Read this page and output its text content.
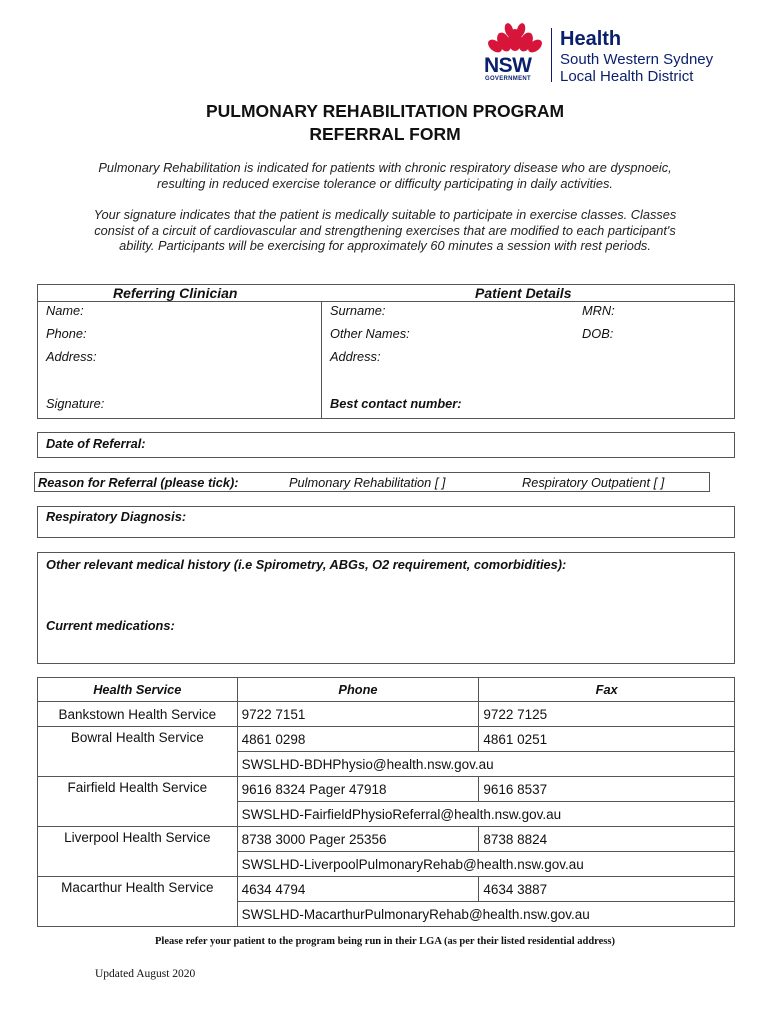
NSW
GOVERNMENT
Health
South Western Sydney
Local Health District
PULMONARY REHABILITATION PROGRAM
REFERRAL FORM
Pulmonary Rehabilitation is indicated for patients with chronic respiratory disease who are dyspnoeic, resulting in reduced exercise tolerance or difficulty participating in daily activities.
Your signature indicates that the patient is medically suitable to participate in exercise classes. Classes consist of a circuit of cardiovascular and strengthening exercises that are modified to each participant's ability. Participants will be exercising for approximately 60 minutes a session with rest periods.
Referring Clinician	Patient Details
Name:
Phone:
Address:
Signature:
Surname:	MRN:
Other Names:	DOB:
Address:
Best contact number:
Date of Referral:
Reason for Referral (please tick):	Pulmonary Rehabilitation [ ]	Respiratory Outpatient [ ]
Respiratory Diagnosis:
Other relevant medical history (i.e Spirometry, ABGs, O2 requirement, comorbidities):
Current medications:
Health Service	Phone	Fax
Bankstown Health Service	9722 7151	9722 7125
Bowral Health Service	4861 0298	4861 0251
	SWSLHD-BDHPhysio@health.nsw.gov.au	
Fairfield Health Service	9616 8324 Pager 47918	9616 8537
	SWSLHD-FairfieldPhysioReferral@health.nsw.gov.au	
Liverpool Health Service	8738 3000 Pager 25356	8738 8824
	SWSLHD-LiverpoolPulmonaryRehab@health.nsw.gov.au	
Macarthur Health Service	4634 4794	4634 3887
	SWSLHD-MacarthurPulmonaryRehab@health.nsw.gov.au	
Please refer your patient to the program being run in their LGA (as per their listed residential address)
Updated August 2020
